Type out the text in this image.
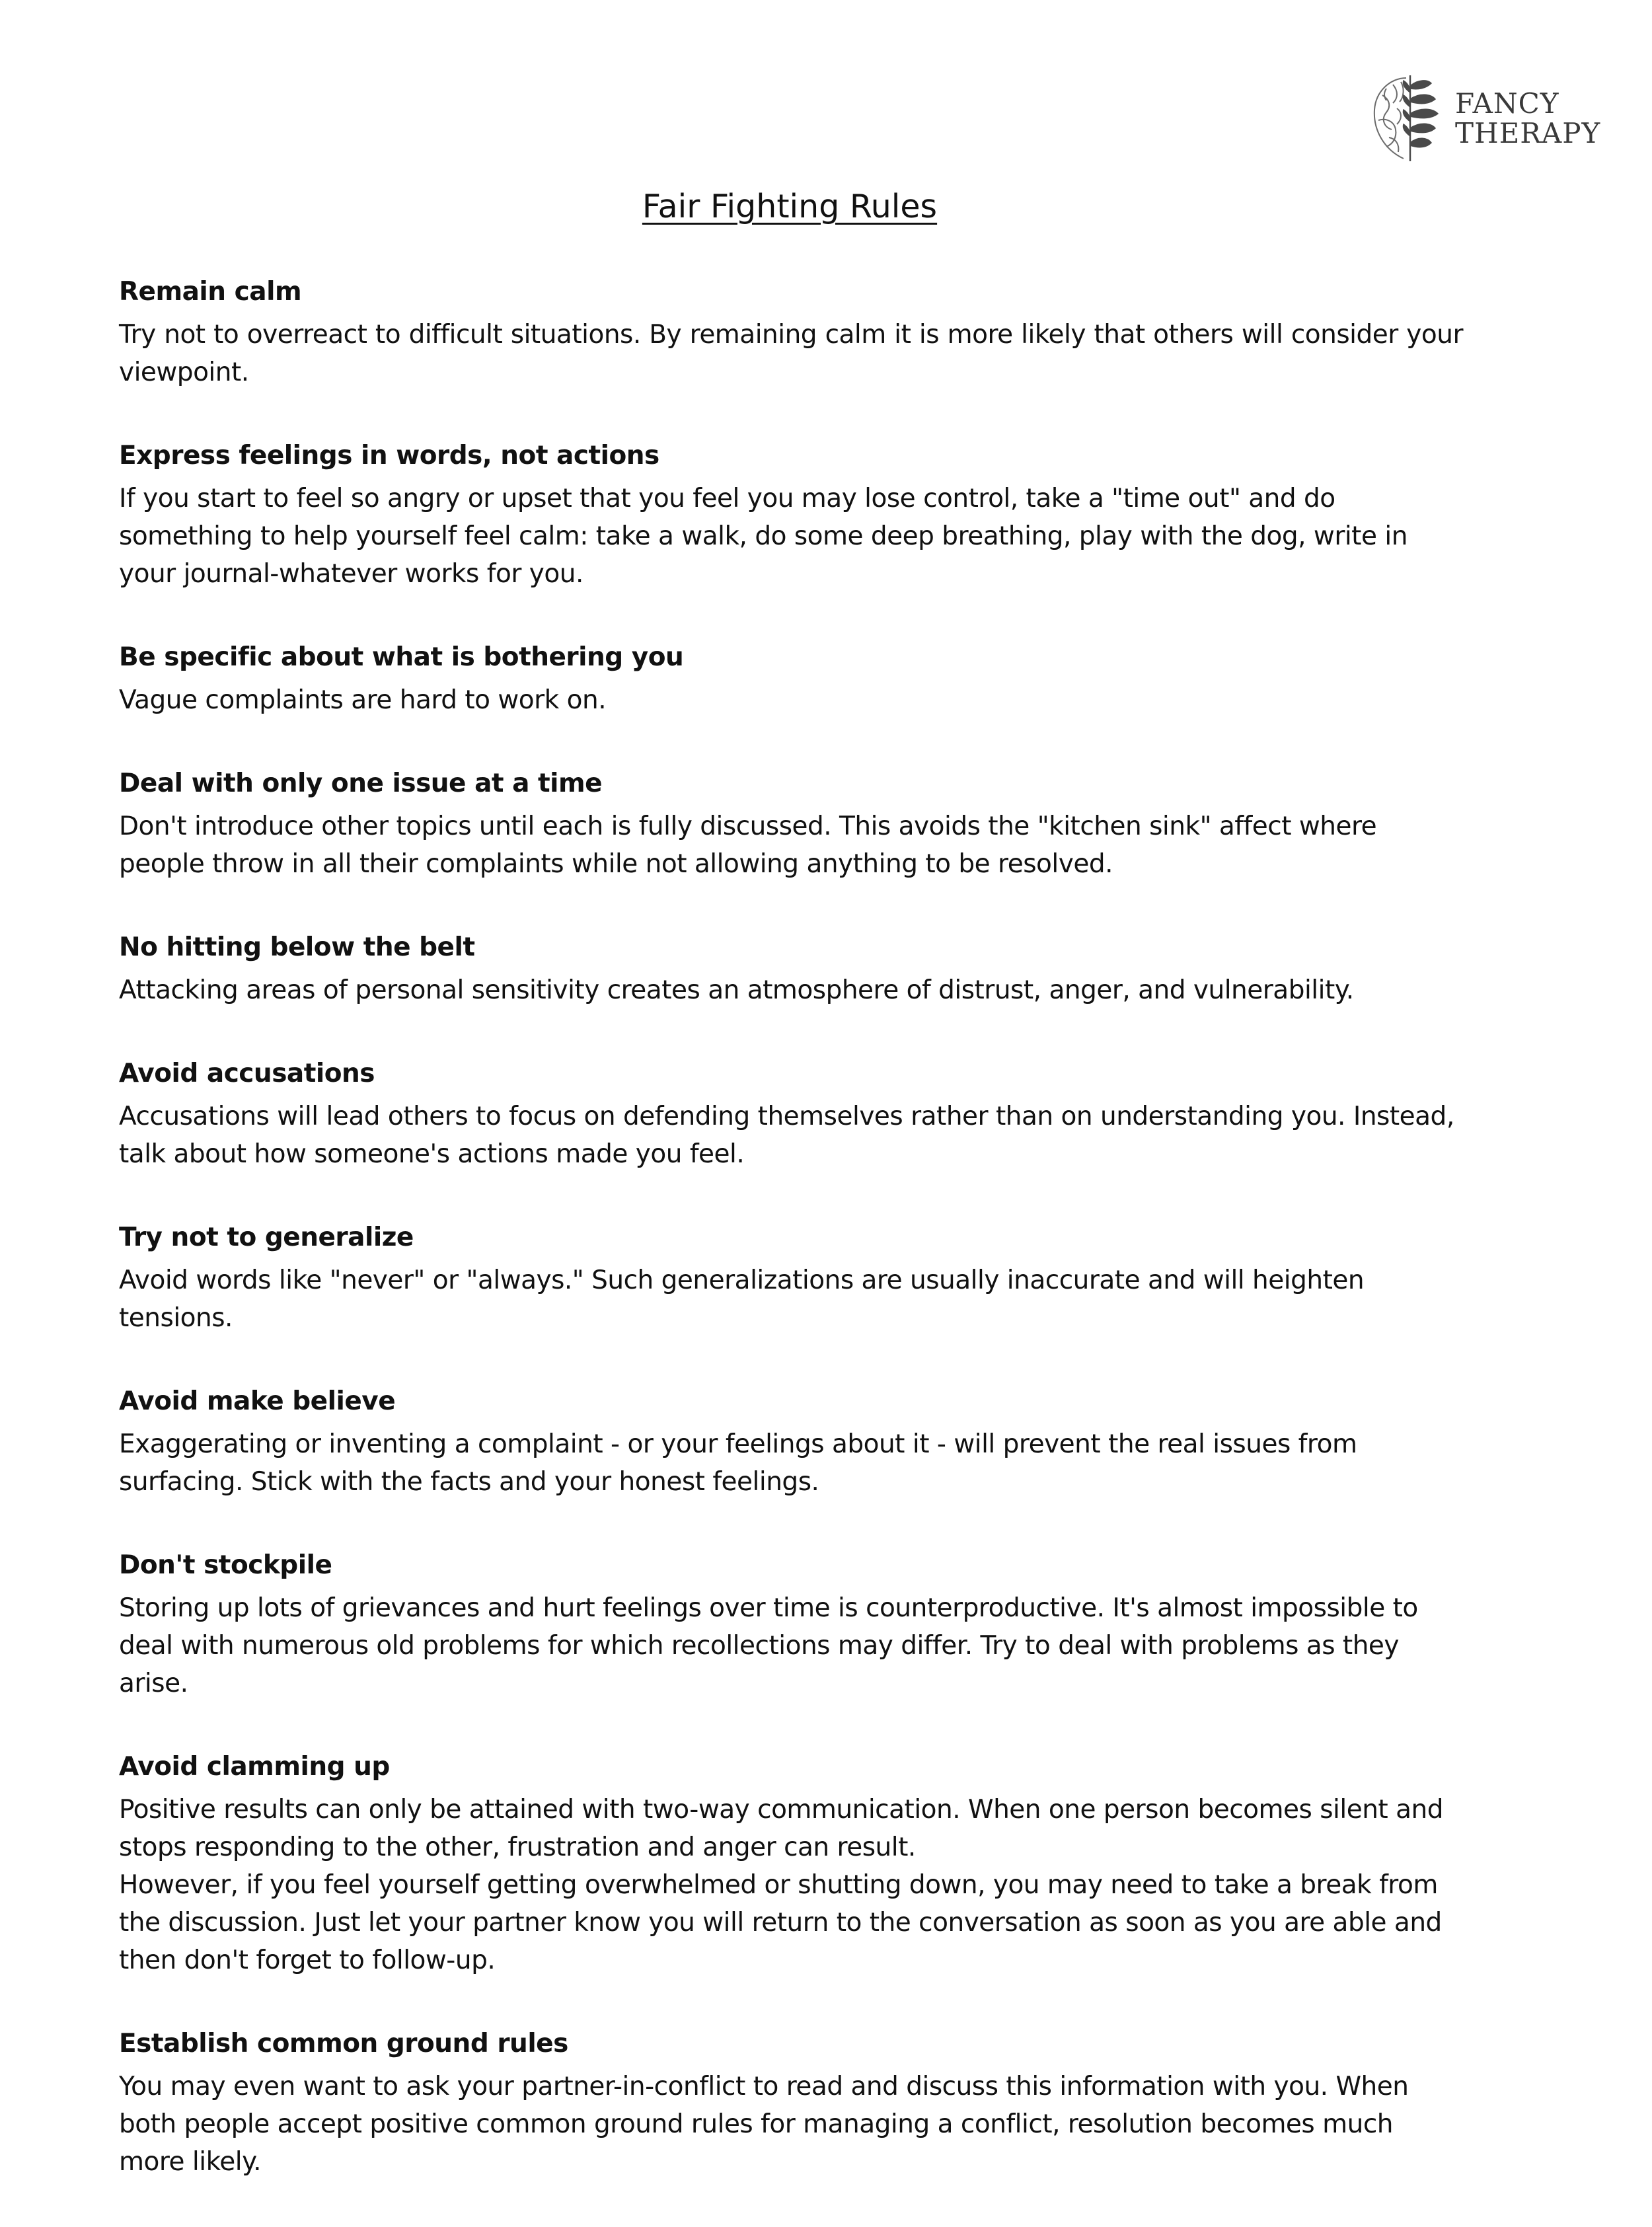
FANCY
THERAPY
Fair Fighting Rules
Remain calm

Try not to overreact to difficult situations. By remaining calm it is more likely that others will consider your viewpoint.

Express feelings in words, not actions

If you start to feel so angry or upset that you feel you may lose control, take a "time out" and do something to help yourself feel calm: take a walk, do some deep breathing, play with the dog, write in your journal-whatever works for you.

Be specific about what is bothering you

Vague complaints are hard to work on.

Deal with only one issue at a time

Don't introduce other topics until each is fully discussed. This avoids the "kitchen sink" affect where people throw in all their complaints while not allowing anything to be resolved.

No hitting below the belt

Attacking areas of personal sensitivity creates an atmosphere of distrust, anger, and vulnerability.

Avoid accusations

Accusations will lead others to focus on defending themselves rather than on understanding you. Instead, talk about how someone's actions made you feel.

Try not to generalize

Avoid words like "never" or "always." Such generalizations are usually inaccurate and will heighten tensions.

Avoid make believe

Exaggerating or inventing a complaint - or your feelings about it - will prevent the real issues from surfacing. Stick with the facts and your honest feelings.

Don't stockpile

Storing up lots of grievances and hurt feelings over time is counterproductive. It's almost impossible to deal with numerous old problems for which recollections may differ. Try to deal with problems as they arise.

Avoid clamming up

Positive results can only be attained with two-way communication. When one person becomes silent and stops responding to the other, frustration and anger can result.

However, if you feel yourself getting overwhelmed or shutting down, you may need to take a break from the discussion. Just let your partner know you will return to the conversation as soon as you are able and then don't forget to follow-up.

Establish common ground rules

You may even want to ask your partner-in-conflict to read and discuss this information with you. When both people accept positive common ground rules for managing a conflict, resolution becomes much more likely.
